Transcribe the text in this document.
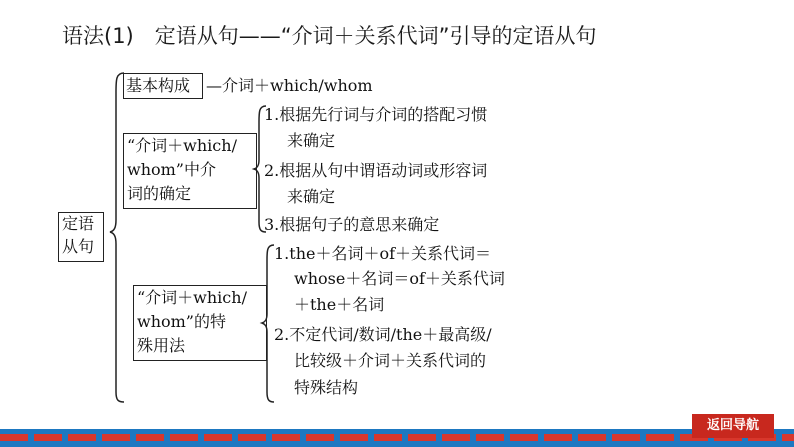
语法(1)　定语从句——“介词＋关系代词”引导的定语从句
定语
从句
基本构成 —介词＋which/whom
“介词＋which/
whom”中介
词的确定
1.根据先行词与介词的搭配习惯
来确定
2.根据从句中谓语动词或形容词
来确定
3.根据句子的意思来确定
“介词＋which/
whom”的特
殊用法
1.the＋名词＋of＋关系代词＝
whose＋名词＝of＋关系代词
＋the＋名词
2.不定代词/数词/the＋最高级/
比较级＋介词＋关系代词的
特殊结构
返回导航
